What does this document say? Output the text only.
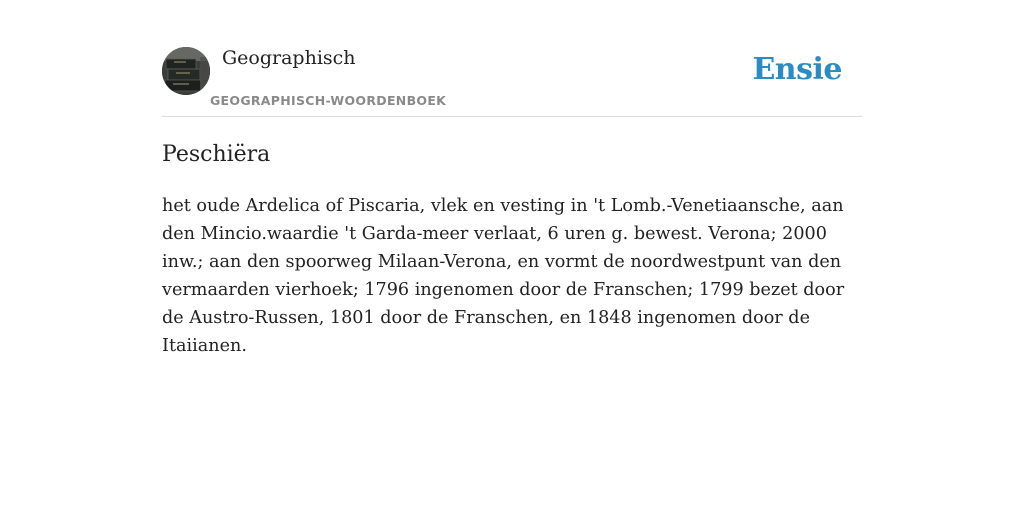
Geographisch
GEOGRAPHISCH-WOORDENBOEK
Ensie
Peschiëra

het oude Ardelica of Piscaria, vlek en vesting in 't Lomb.-Venetiaansche, aan den Mincio.waardie 't Garda-meer verlaat, 6 uren g. bewest. Verona; 2000 inw.; aan den spoorweg Milaan-Verona, en vormt de noordwestpunt van den vermaarden vierhoek; 1796 ingenomen door de Franschen; 1799 bezet door de Austro-Russen, 1801 door de Franschen, en 1848 ingenomen door de Itaiianen.
